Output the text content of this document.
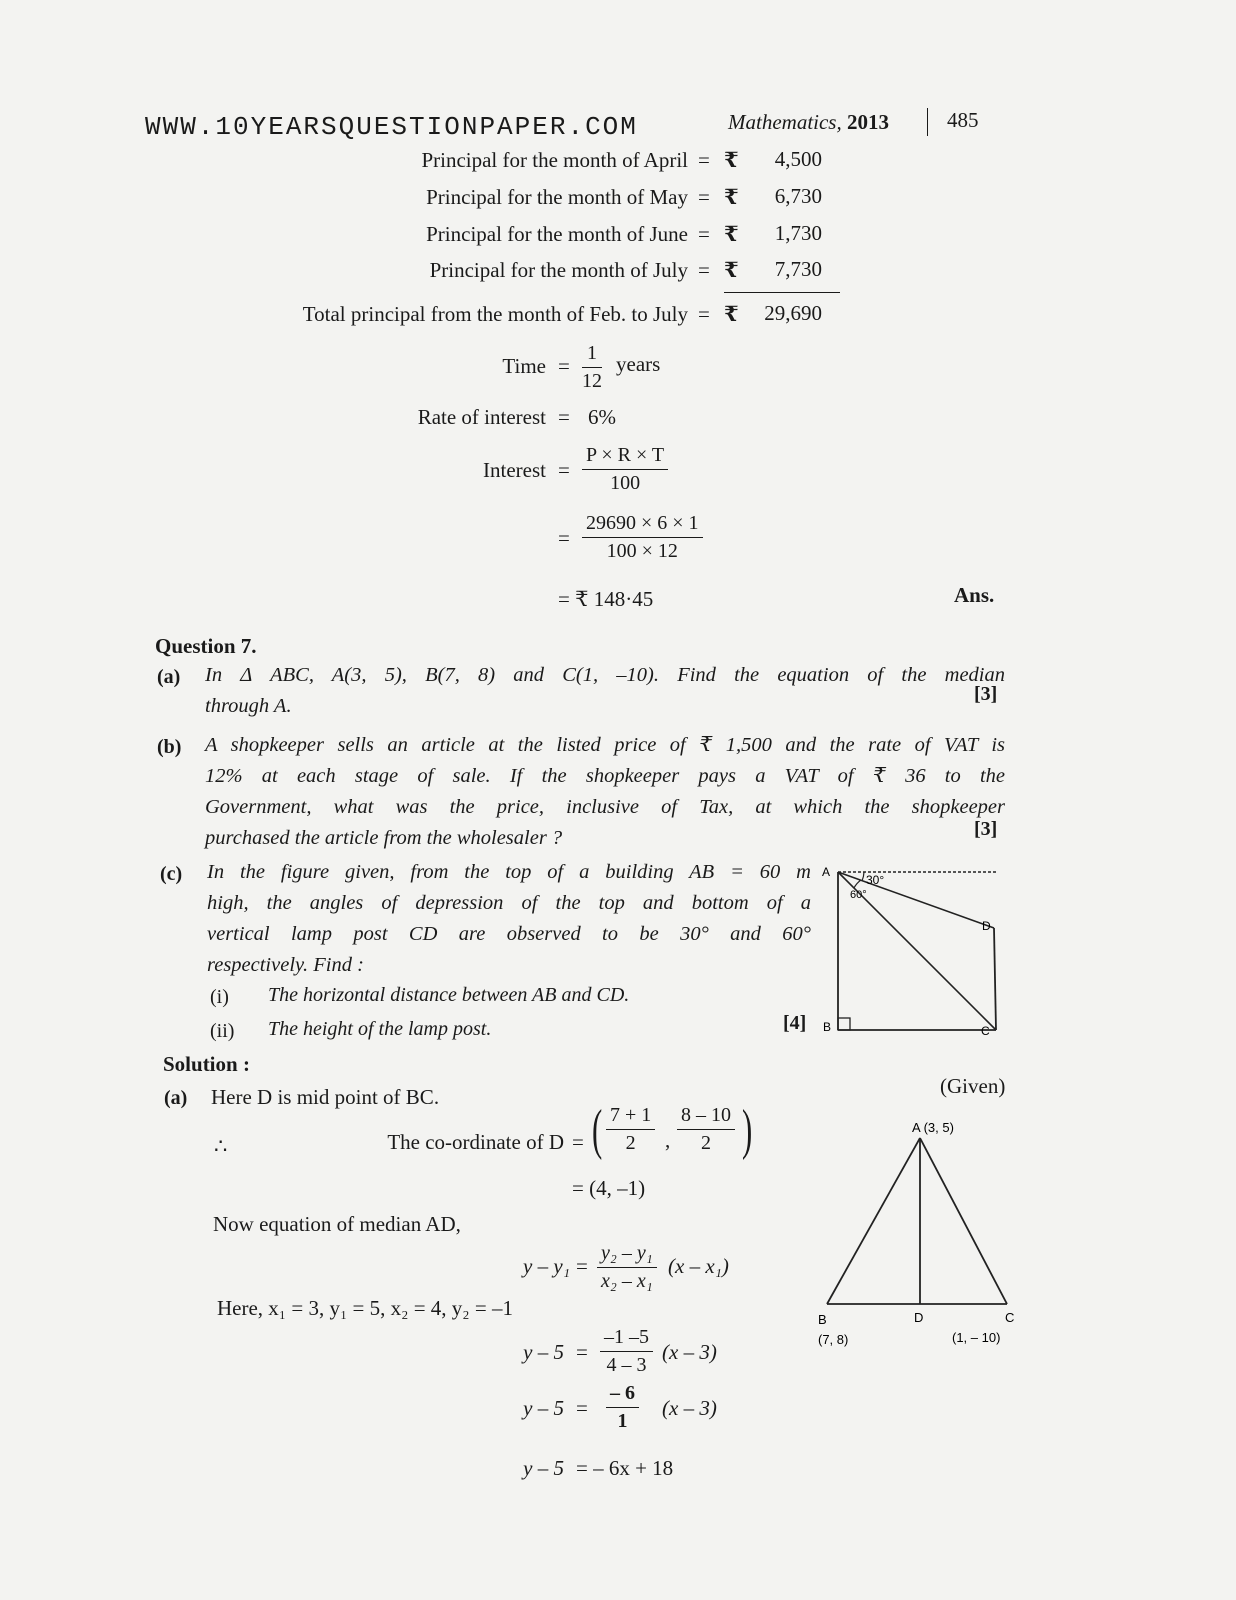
WWW.10YEARSQUESTIONPAPER.COM	Mathematics, 2013	485
Principal for the month of April = ₹ 4,500
Principal for the month of May = ₹ 6,730
Principal for the month of June = ₹ 1,730
Principal for the month of July = ₹ 7,730
Total principal from the month of Feb. to July = ₹ 29,690
Time = $\frac{1}{12}$ years
Rate of interest = 6%
Interest = $\frac{P \times R \times T}{100}$
= $\frac{29690 \times 6 \times 1}{100 \times 12}$
= ₹ 148·45	Ans.
Question 7.
(a) In Δ ABC, A(3, 5), B(7, 8) and C(1, –10). Find the equation of the median
through A.
[3]
(b) A shopkeeper sells an article at the listed price of ₹ 1,500 and the rate of VAT is
12% at each stage of sale. If the shopkeeper pays a VAT of ₹ 36 to the
Government, what was the price, inclusive of Tax, at which the shopkeeper
purchased the article from the wholesaler ?	[3]
(c) In the figure given, from the top of a building AB = 60 m
high, the angles of depression of the top and bottom of a
vertical lamp post CD are observed to be 30° and 60°
respectively. Find :
(i) The horizontal distance between AB and CD.
(ii) The height of the lamp post.	[4]
30°
60°
A
B	C
D
Solution :
(a) Here D is mid point of BC.	(Given)
∴	The co-ordinate of D = ( $\frac{7 + 1}{2}$ , $\frac{8 - 10}{2}$ )
= (4, –1)
Now equation of median AD,
$y - y_1 = \frac{\text{y₂ – y₁}}{\text{x₂ – x₁}} (x - x_1)$
Here, x₁ = 3, y₁ = 5, x₂ = 4, y₂ = –1
$y - 5 = \frac{-1 -5}{4 - 3} (x - 3)$
$y - 5 = \frac{- 6}{1} (x - 3)$
y – 5 = – 6x + 18
A (3, 5)
B
(7, 8)
D	C
(1, – 10)
